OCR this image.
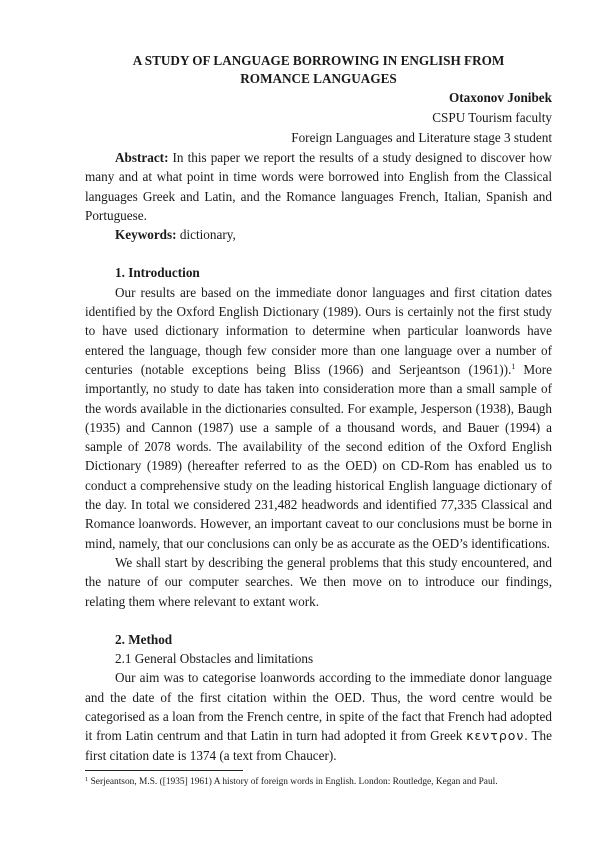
A STUDY OF LANGUAGE BORROWING IN ENGLISH FROM
ROMANCE LANGUAGES
Otaxonov Jonibek
CSPU Tourism faculty
Foreign Languages and Literature stage 3 student

Abstract: In this paper we report the results of a study designed to discover how many and at what point in time words were borrowed into English from the Classical languages Greek and Latin, and the Romance languages French, Italian, Spanish and Portuguese.

Keywords: dictionary,

1. Introduction

Our results are based on the immediate donor languages and first citation dates identified by the Oxford English Dictionary (1989). Ours is certainly not the first study to have used dictionary information to determine when particular loanwords have entered the language, though few consider more than one language over a number of centuries (notable exceptions being Bliss (1966) and Serjeantson (1961)).$^1$ More importantly, no study to date has taken into consideration more than a small sample of the words available in the dictionaries consulted. For example, Jesperson (1938), Baugh (1935) and Cannon (1987) use a sample of a thousand words, and Bauer (1994) a sample of 2078 words. The availability of the second edition of the Oxford English Dictionary (1989) (hereafter referred to as the OED) on CD-Rom has enabled us to conduct a comprehensive study on the leading historical English language dictionary of the day. In total we considered 231,482 headwords and identified 77,335 Classical and Romance loanwords. However, an important caveat to our conclusions must be borne in mind, namely, that our conclusions can only be as accurate as the OED’s identifications.

We shall start by describing the general problems that this study encountered, and the nature of our computer searches. We then move on to introduce our findings, relating them where relevant to extant work.

2. Method
2.1 General Obstacles and limitations

Our aim was to categorise loanwords according to the immediate donor language and the date of the first citation within the OED. Thus, the word centre would be categorised as a loan from the French centre, in spite of the fact that French had adopted it from Latin centrum and that Latin in turn had adopted it from Greek κεντρον. The first citation date is 1374 (a text from Chaucer).

$^1$ Serjeantson, M.S. ([1935] 1961) A history of foreign words in English. London: Routledge, Kegan and Paul.
